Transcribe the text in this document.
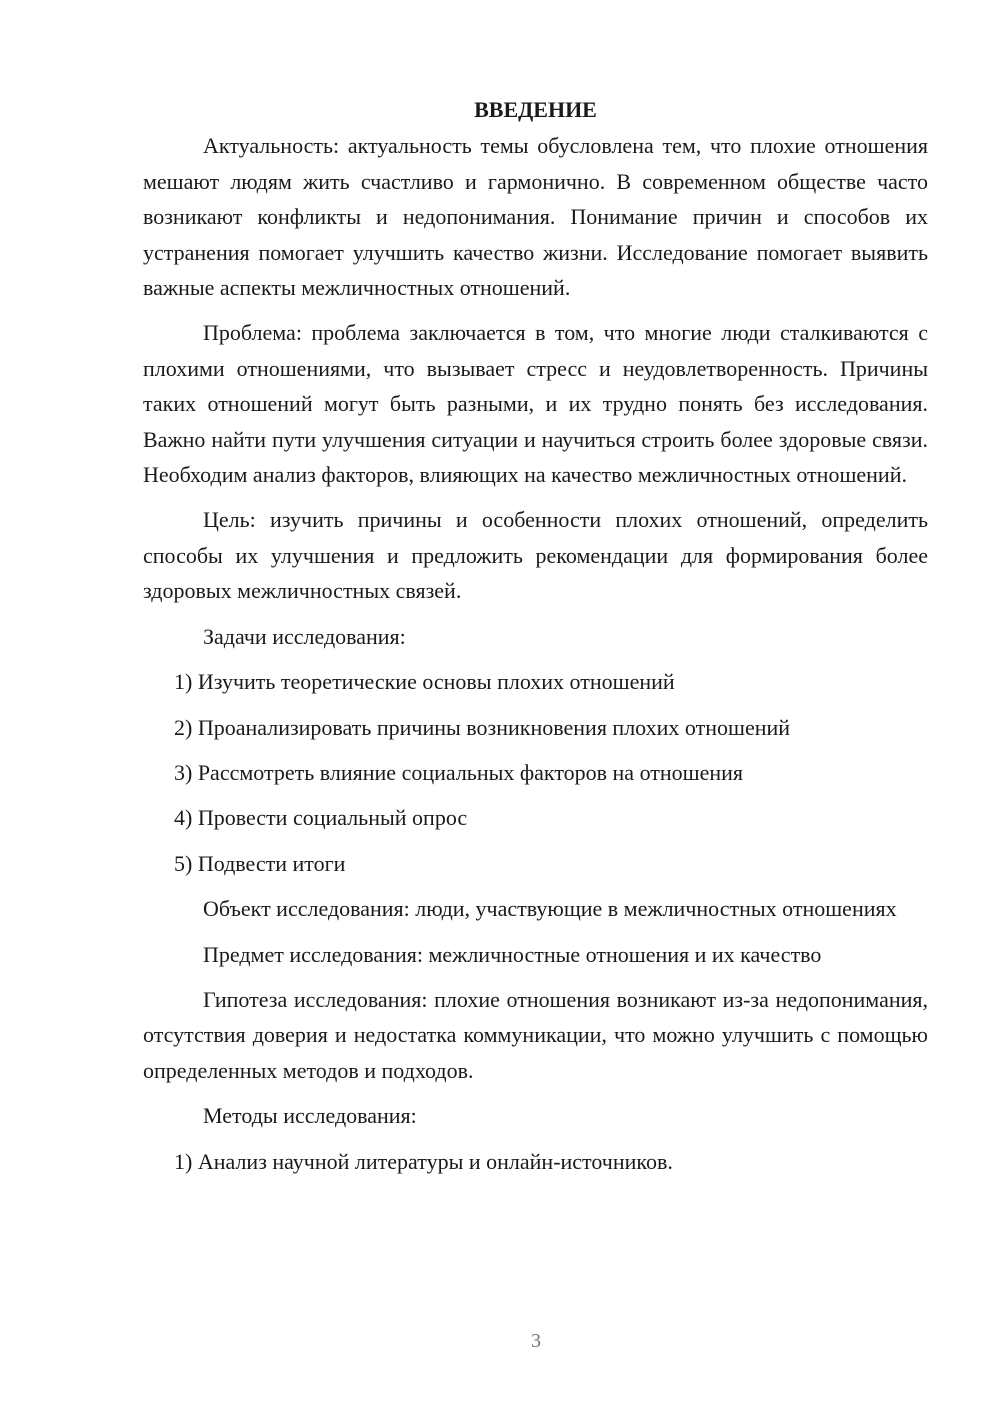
ВВЕДЕНИЕ

Актуальность: актуальность темы обусловлена тем, что плохие отношения мешают людям жить счастливо и гармонично. В современном обществе часто возникают конфликты и недопонимания. Понимание причин и способов их устранения помогает улучшить качество жизни. Исследование помогает выявить важные аспекты межличностных отношений.

Проблема: проблема заключается в том, что многие люди сталкиваются с плохими отношениями, что вызывает стресс и неудовлетворенность. Причины таких отношений могут быть разными, и их трудно понять без исследования. Важно найти пути улучшения ситуации и научиться строить более здоровые связи. Необходим анализ факторов, влияющих на качество межличностных отношений.

Цель: изучить причины и особенности плохих отношений, определить способы их улучшения и предложить рекомендации для формирования более здоровых межличностных связей.

Задачи исследования:

1) Изучить теоретические основы плохих отношений
2) Проанализировать причины возникновения плохих отношений
3) Рассмотреть влияние социальных факторов на отношения
4) Провести социальный опрос
5) Подвести итоги

Объект исследования: люди, участвующие в межличностных отношениях

Предмет исследования: межличностные отношения и их качество

Гипотеза исследования: плохие отношения возникают из-за недопонимания, отсутствия доверия и недостатка коммуникации, что можно улучшить с помощью определенных методов и подходов.

Методы исследования:

1) Анализ научной литературы и онлайн-источников.
3
